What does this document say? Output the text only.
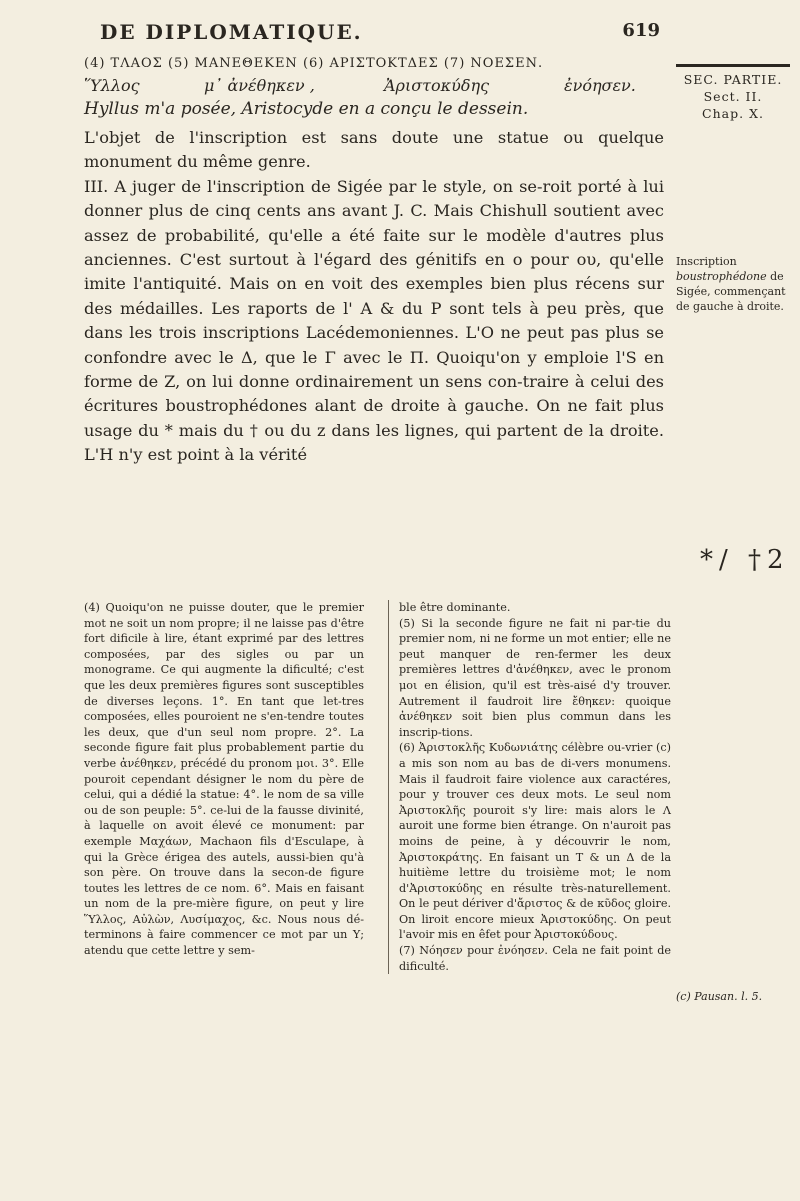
DE DIPLOMATIQUE.	619
(4) ΤΛΑΟΣ (5) ΜΑΝΕΘΕΚΕΝ (6) ΑΡΙΣΤΟΚΤΔΕΣ (7) ΝΟΕΣΕΝ.
Ὕλλος	μ᾽ ἀνέθηκεν ,	Ἀριστοκύδης	ἐνόησεν.
Hyllus m'a posée, Aristocyde en a conçu le dessein.

L'objet de l'inscription est sans doute une statue ou quelque monument du même genre.

III. A juger de l'inscription de Sigée par le style, on se-roit porté à lui donner plus de cinq cents ans avant J. C. Mais Chishull soutient avec assez de probabilité, qu'elle a été faite sur le modèle d'autres plus anciennes. C'est surtout à l'égard des génitifs en ο pour ου, qu'elle imite l'antiquité. Mais on en voit des exemples bien plus récens sur des médailles. Les raports de l' A & du P sont tels à peu près, que dans les trois inscriptions Lacédemoniennes. L'O ne peut pas plus se confondre avec le Δ, que le Γ avec le Π. Quoiqu'on y emploie l'S en forme de Z, on lui donne ordinairement un sens con-traire à celui des écritures boustrophédones alant de droite à gauche. On ne fait plus usage du * mais du † ou du z dans les lignes, qui partent de la droite. L'H n'y est point à la vérité

SEC. PARTIE.
Sect. II.
Chap. X.
Inscription boustrophédone de Sigée, commençant de gauche à droite.
*/ †2

(4) Quoiqu'on ne puisse douter, que le premier mot ne soit un nom propre; il ne laisse pas d'être fort dificile à lire, étant exprimé par des lettres composées, par des sigles ou par un monograme. Ce qui augmente la dificulté; c'est que les deux premières figures sont susceptibles de diverses leçons. 1°. En tant que let-tres composées, elles pouroient ne s'en-tendre toutes les deux, que d'un seul nom propre. 2°. La seconde figure fait plus probablement partie du verbe ἀνέθηκεν, précédé du pronom μοι. 3°. Elle pouroit cependant désigner le nom du père de celui, qui a dédié la statue: 4°. le nom de sa ville ou de son peuple: 5°. ce-lui de la fausse divinité, à laquelle on avoit élevé ce monument: par exemple Μαχάων, Machaon fils d'Esculape, à qui la Grèce érigea des autels, aussi-bien qu'à son père. On trouve dans la secon-de figure toutes les lettres de ce nom. 6°. Mais en faisant un nom de la pre-mière figure, on peut y lire Ὕλλος, Αὐλὼν, Λυσίμαχος, &c. Nous nous dé-terminons à faire commencer ce mot par un Υ; atendu que cette lettre y sem-

ble être dominante.

(5) Si la seconde figure ne fait ni par-tie du premier nom, ni ne forme un mot entier; elle ne peut manquer de ren-fermer les deux premières lettres d'ἀνέθηκεν, avec le pronom μοι en élision, qu'il est très-aisé d'y trouver. Autrement il faudroit lire ἔθηκεν: quoique ἀνέθηκεν soit bien plus commun dans les inscrip-tions.

(6) Ἀριστοκλῆς Κυδωνιάτης célèbre ou-vrier (c) a mis son nom au bas de di-vers monumens. Mais il faudroit faire violence aux caractéres, pour y trouver ces deux mots. Le seul nom Ἀριστοκλῆς pouroit s'y lire: mais alors le Λ auroit une forme bien étrange. On n'auroit pas moins de peine, à y découvrir le nom, Ἀριστοκράτης. En faisant un Τ & un Δ de la huitième lettre du troisième mot; le nom d'Ἀριστοκύδης en résulte très-naturellement. On le peut dériver d'ἄριστος & de κῦδος gloire. On liroit encore mieux Ἀριστοκύδης. On peut l'avoir mis en êfet pour Ἀριστοκύδους.

(7) Νόησεν pour ἐνόησεν. Cela ne fait point de dificulté.

(c) Pausan. l. 5.
